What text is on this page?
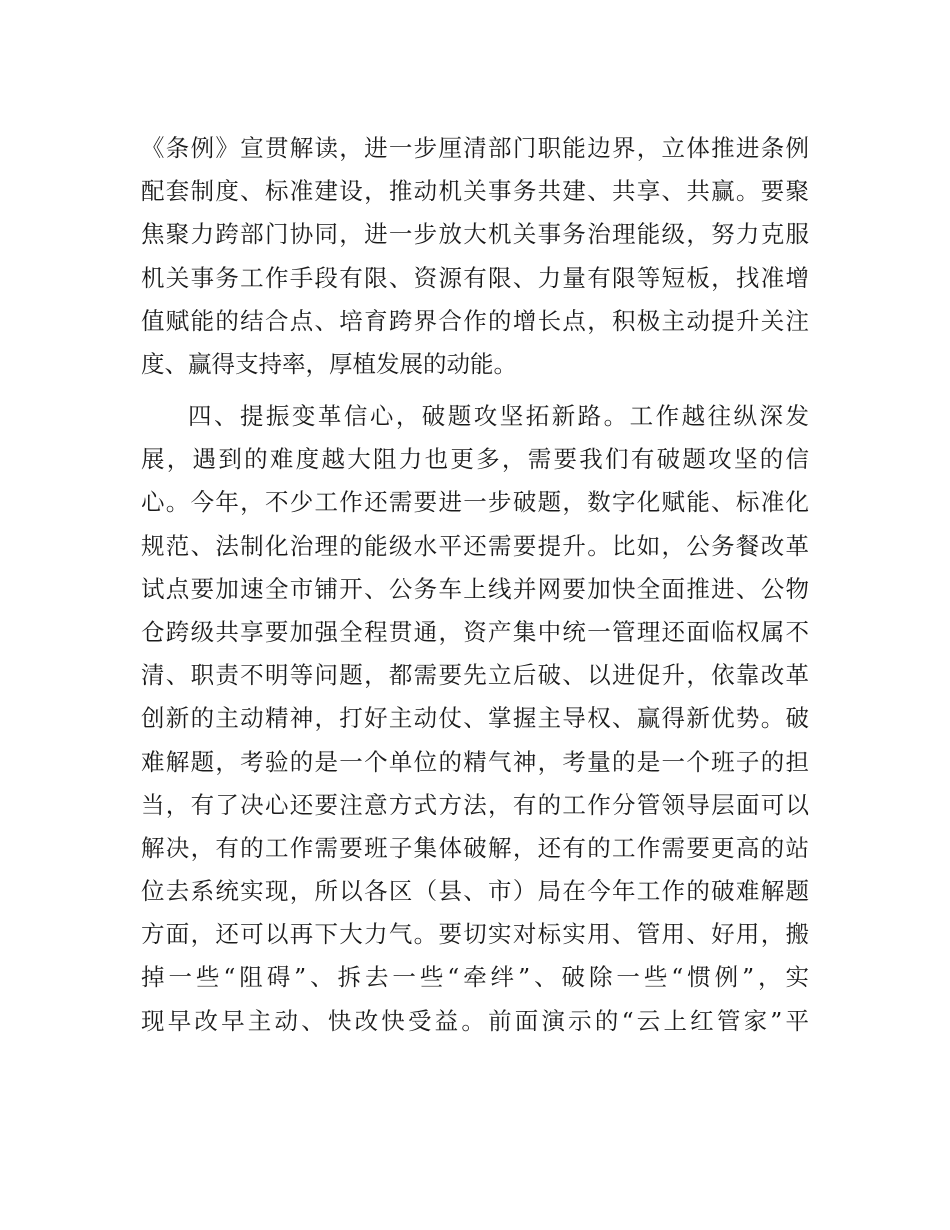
《条例》宣贯解读，进一步厘清部门职能边界，立体推进条例
配套制度、标准建设，推动机关事务共建、共享、共赢。要聚
焦聚力跨部门协同，进一步放大机关事务治理能级，努力克服
机关事务工作手段有限、资源有限、力量有限等短板，找准增
值赋能的结合点、培育跨界合作的增长点，积极主动提升关注
度、赢得支持率，厚植发展的动能。
四、提振变革信心，破题攻坚拓新路。工作越往纵深发
展，遇到的难度越大阻力也更多，需要我们有破题攻坚的信
心。今年，不少工作还需要进一步破题，数字化赋能、标准化
规范、法制化治理的能级水平还需要提升。比如，公务餐改革
试点要加速全市铺开、公务车上线并网要加快全面推进、公物
仓跨级共享要加强全程贯通，资产集中统一管理还面临权属不
清、职责不明等问题，都需要先立后破、以进促升，依靠改革
创新的主动精神，打好主动仗、掌握主导权、赢得新优势。破
难解题，考验的是一个单位的精气神，考量的是一个班子的担
当，有了决心还要注意方式方法，有的工作分管领导层面可以
解决，有的工作需要班子集体破解，还有的工作需要更高的站
位去系统实现，所以各区（县、市）局在今年工作的破难解题
方面，还可以再下大力气。要切实对标实用、管用、好用，搬
掉一些“阻碍”、拆去一些“牵绊”、破除一些“惯例”，实
现早改早主动、快改快受益。前面演示的“云上红管家”平
